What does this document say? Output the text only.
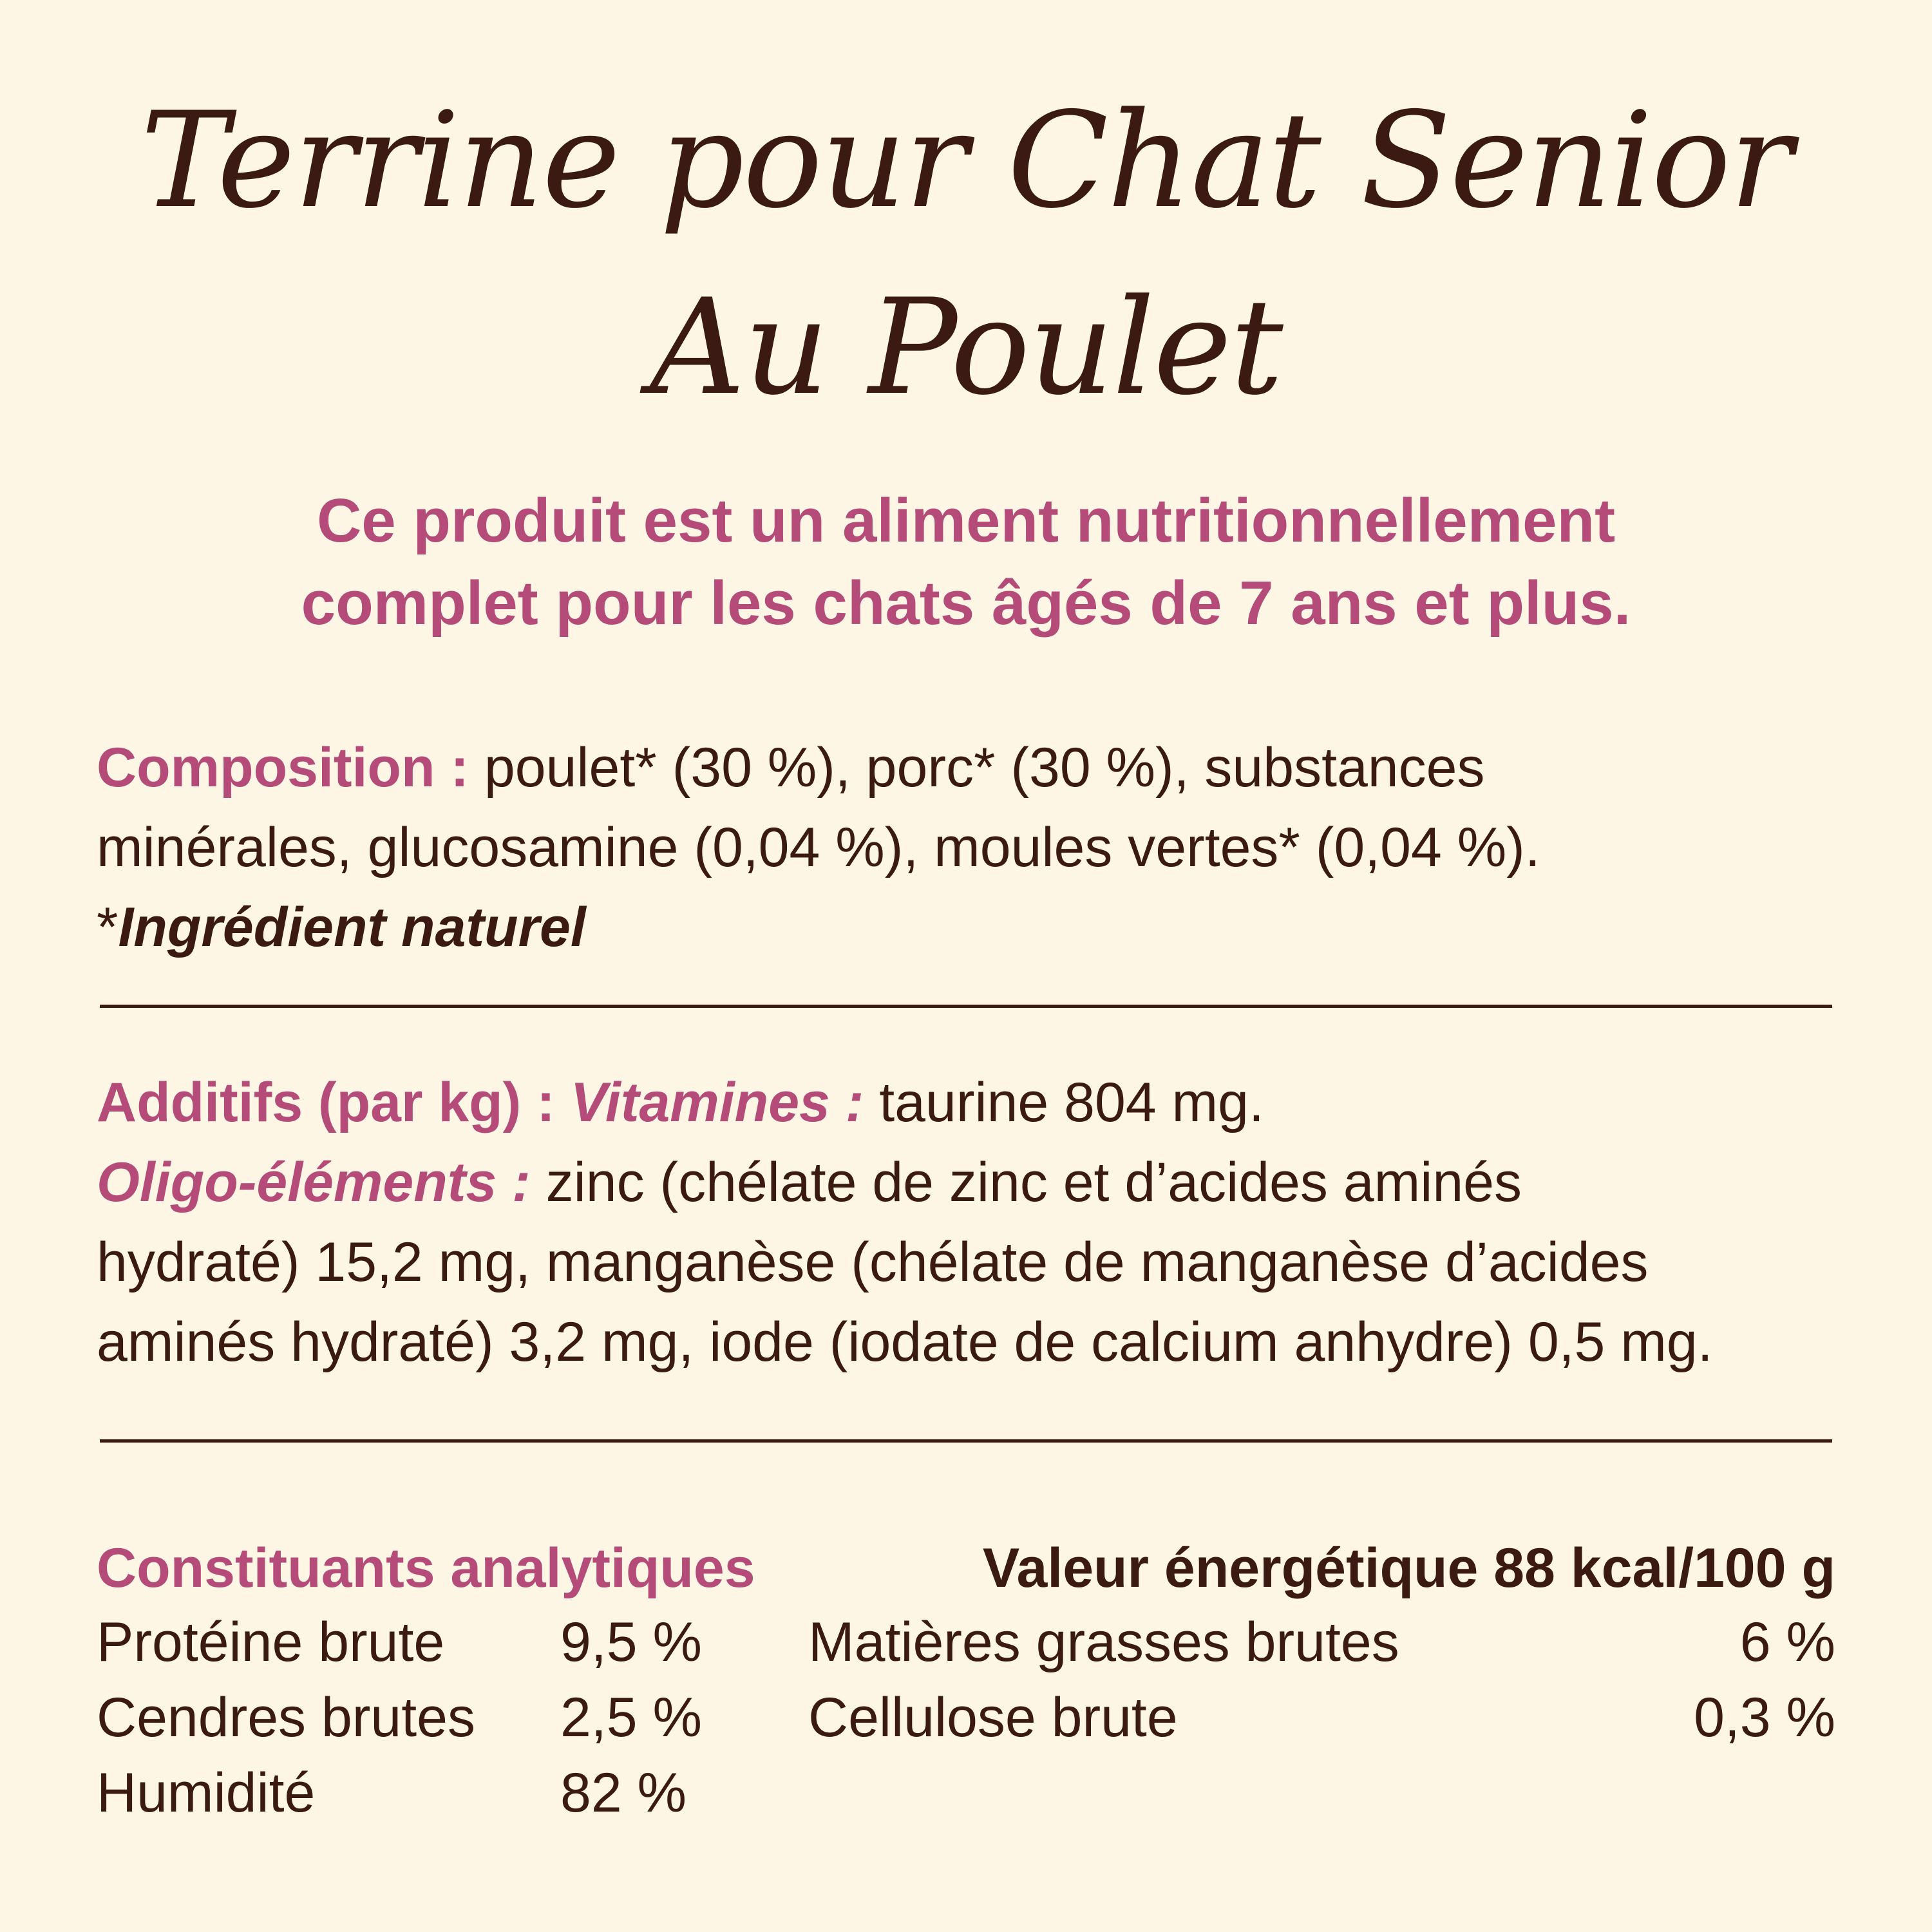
Terrine pour Chat Senior
Au Poulet
Ce produit est un aliment nutritionnellement
complet pour les chats âgés de 7 ans et plus.
Composition : poulet* (30 %), porc* (30 %), substances
minérales, glucosamine (0,04 %), moules vertes* (0,04 %).
*Ingrédient naturel
Additifs (par kg) : Vitamines : taurine 804 mg.
Oligo-éléments : zinc (chélate de zinc et d’acides aminés
hydraté) 15,2 mg, manganèse (chélate de manganèse d’acides
aminés hydraté) 3,2 mg, iode (iodate de calcium anhydre) 0,5 mg.
Constituants analytiques	Valeur énergétique 88 kcal/100 g
Protéine brute 9,5 % Matières grasses brutes	6 %
Cendres brutes 2,5 % Cellulose brute	0,3 %
Humidité	82 %
